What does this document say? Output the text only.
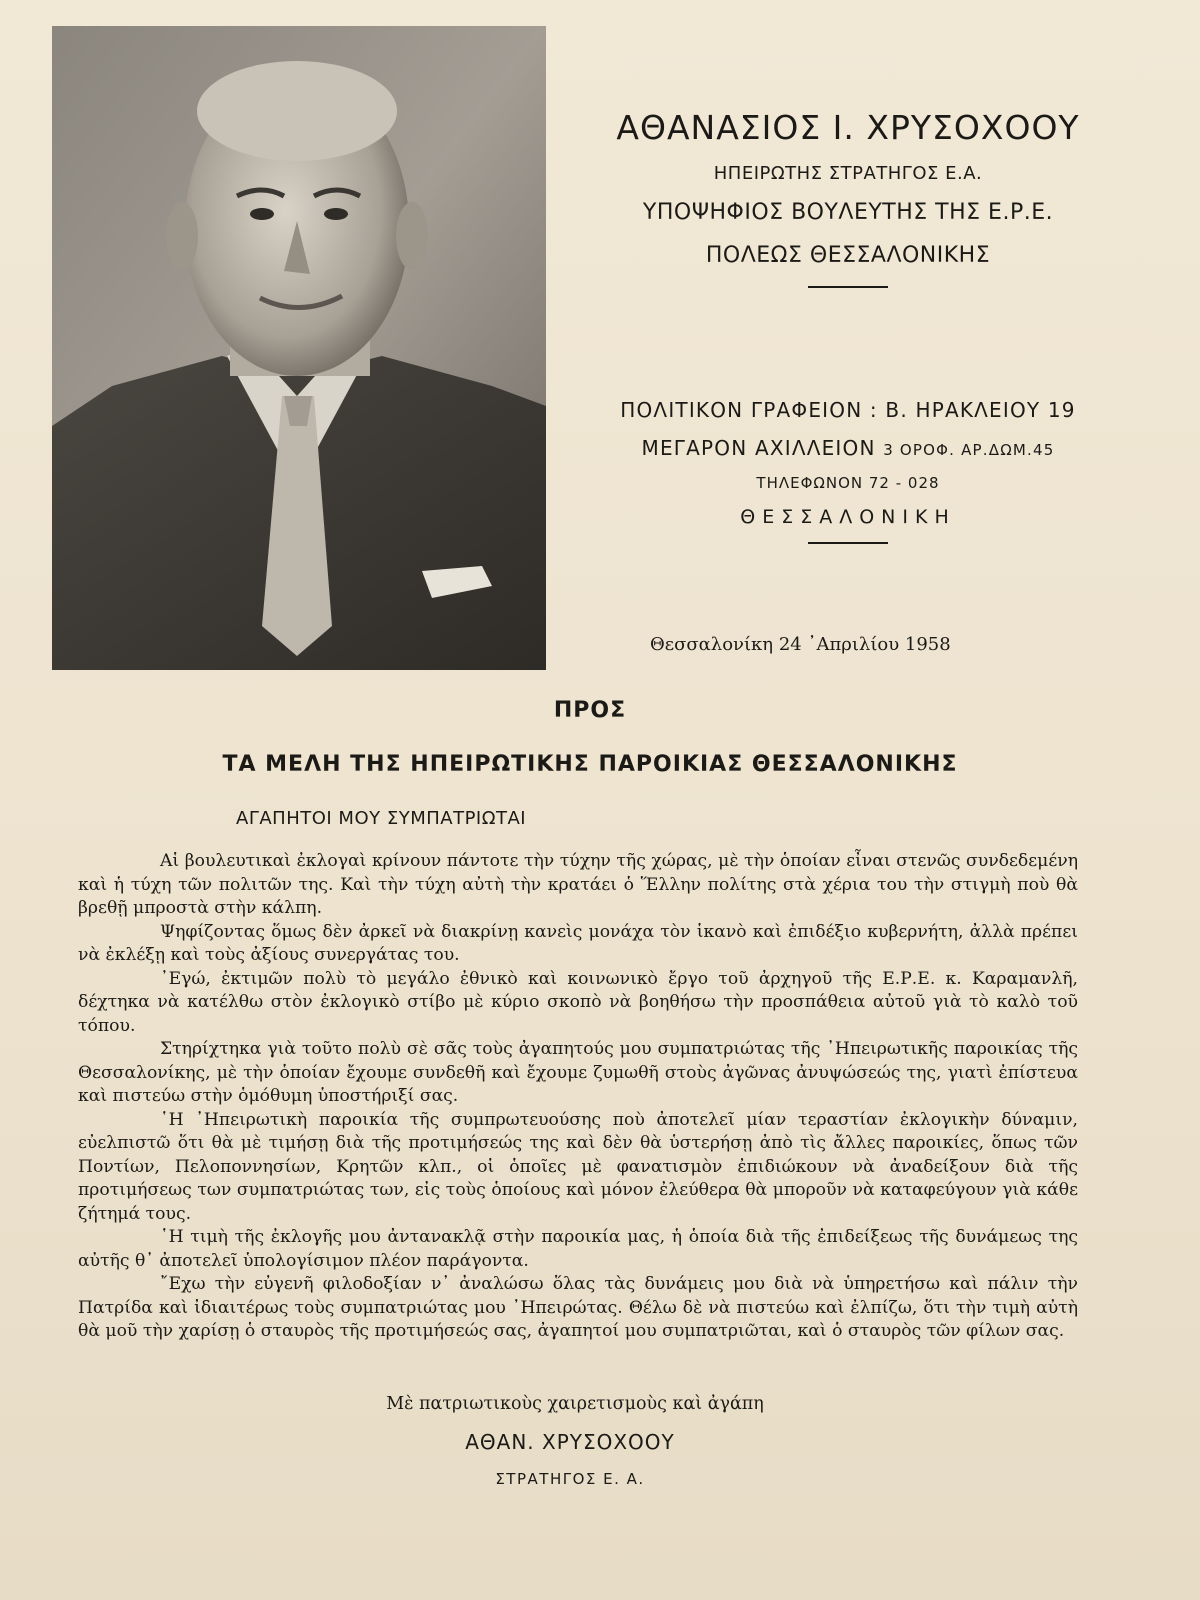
ΑΘΑΝΑΣΙΟΣ Ι. ΧΡΥΣΟΧΟΟΥ
ΗΠΕΙΡΩΤΗΣ ΣΤΡΑΤΗΓΟΣ Ε.Α.
ΥΠΟΨΗΦΙΟΣ ΒΟΥΛΕΥΤΗΣ ΤΗΣ Ε.Ρ.Ε.
ΠΟΛΕΩΣ ΘΕΣΣΑΛΟΝΙΚΗΣ
ΠΟΛΙΤΙΚΟΝ ΓΡΑΦΕΙΟΝ : Β. ΗΡΑΚΛΕΙΟΥ 19
ΜΕΓΑΡΟΝ ΑΧΙΛΛΕΙΟΝ 3 ΟΡΟΦ. ΑΡ.ΔΩΜ.45
ΤΗΛΕΦΩΝΟΝ 72 - 028
ΘΕΣΣΑΛΟΝΙΚΗ
Θεσσαλονίκη 24 ᾿Απριλίου 1958
ΠΡΟΣ
ΤΑ ΜΕΛΗ ΤΗΣ ΗΠΕΙΡΩΤΙΚΗΣ ΠΑΡΟΙΚΙΑΣ ΘΕΣΣΑΛΟΝΙΚΗΣ
ΑΓΑΠΗΤΟΙ ΜΟΥ ΣΥΜΠΑΤΡΙΩΤΑΙ

Αἱ βουλευτικαὶ ἐκλογαὶ κρίνουν πάντοτε τὴν τύχην τῆς χώρας, μὲ τὴν ὁποίαν εἶναι στενῶς συνδεδεμένη καὶ ἡ τύχη τῶν πολιτῶν της. Καὶ τὴν τύχη αὐτὴ τὴν κρατάει ὁ Ἕλλην πολίτης στὰ χέρια του τὴν στιγμὴ ποὺ θὰ βρεθῇ μπροστὰ στὴν κάλπη.

Ψηφίζοντας ὅμως δὲν ἀρκεῖ νὰ διακρίνῃ κανεὶς μονάχα τὸν ἱκανὸ καὶ ἐπιδέξιο κυβερνήτη, ἀλλὰ πρέπει νὰ ἐκλέξῃ καὶ τοὺς ἀξίους συνεργάτας του.

᾿Εγώ, ἐκτιμῶν πολὺ τὸ μεγάλο ἐθνικὸ καὶ κοινωνικὸ ἔργο τοῦ ἀρχηγοῦ τῆς Ε.Ρ.Ε. κ. Καραμανλῆ, δέχτηκα νὰ κατέλθω στὸν ἐκλογικὸ στίβο μὲ κύριο σκοπὸ νὰ βοηθήσω τὴν προσπάθεια αὐτοῦ γιὰ τὸ καλὸ τοῦ τόπου.

Στηρίχτηκα γιὰ τοῦτο πολὺ σὲ σᾶς τοὺς ἀγαπητούς μου συμπατριώτας τῆς ᾿Ηπειρωτικῆς παροικίας τῆς Θεσσαλονίκης, μὲ τὴν ὁποίαν ἔχουμε συνδεθῆ καὶ ἔχουμε ζυμωθῆ στοὺς ἀγῶνας ἀνυψώσεώς της, γιατὶ ἐπίστευα καὶ πιστεύω στὴν ὁμόθυμη ὑποστήριξί σας.

῾Η ᾿Ηπειρωτικὴ παροικία τῆς συμπρωτευούσης ποὺ ἀποτελεῖ μίαν τεραστίαν ἐκλογικὴν δύναμιν, εὐελπιστῶ ὅτι θὰ μὲ τιμήσῃ διὰ τῆς προτιμήσεώς της καὶ δὲν θὰ ὑστερήσῃ ἀπὸ τὶς ἄλλες παροικίες, ὅπως τῶν Ποντίων, Πελοποννησίων, Κρητῶν κλπ., οἱ ὁποῖες μὲ φανατισμὸν ἐπιδιώκουν νὰ ἀναδείξουν διὰ τῆς προτιμήσεως των συμπατριώτας των, εἰς τοὺς ὁποίους καὶ μόνον ἐλεύθερα θὰ μποροῦν νὰ καταφεύγουν γιὰ κάθε ζήτημά τους.

῾Η τιμὴ τῆς ἐκλογῆς μου ἀντανακλᾷ στὴν παροικία μας, ἡ ὁποία διὰ τῆς ἐπιδείξεως τῆς δυνάμεως της αὐτῆς θ᾿ ἀποτελεῖ ὑπολογίσιμον πλέον παράγοντα.

῎Εχω τὴν εὐγενῆ φιλοδοξίαν ν᾿ ἀναλώσω ὅλας τὰς δυνάμεις μου διὰ νὰ ὑπηρετήσω καὶ πάλιν τὴν Πατρίδα καὶ ἰδιαιτέρως τοὺς συμπατριώτας μου ᾿Ηπειρώτας. Θέλω δὲ νὰ πιστεύω καὶ ἐλπίζω, ὅτι τὴν τιμὴ αὐτὴ θὰ μοῦ τὴν χαρίσῃ ὁ σταυρὸς τῆς προτιμήσεώς σας, ἀγαπητοί μου συμπατριῶται, καὶ ὁ σταυρὸς τῶν φίλων σας.

Μὲ πατριωτικοὺς χαιρετισμοὺς καὶ ἀγάπη
ΑΘΑΝ. ΧΡΥΣΟΧΟΟΥ
ΣΤΡΑΤΗΓΟΣ Ε. Α.
